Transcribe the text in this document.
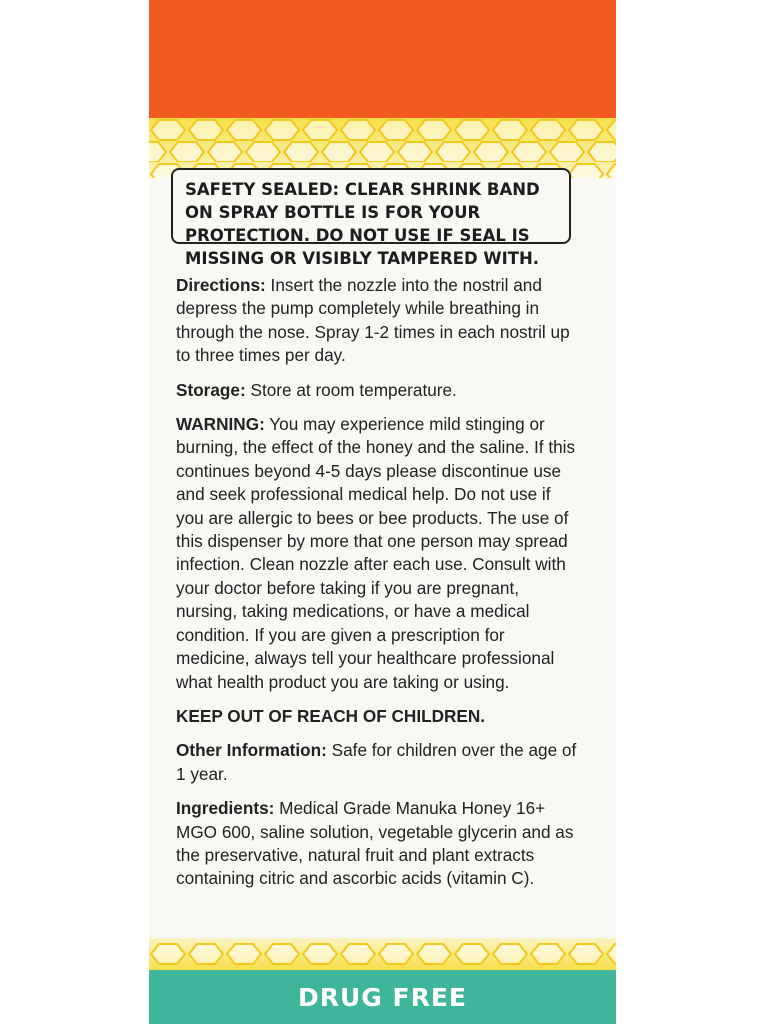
SAFETY SEALED: CLEAR SHRINK BAND ON SPRAY BOTTLE IS FOR YOUR PROTECTION. DO NOT USE IF SEAL IS MISSING OR VISIBLY TAMPERED WITH.

Directions: Insert the nozzle into the nostril and depress the pump completely while breathing in through the nose. Spray 1-2 times in each nostril up to three times per day.

Storage: Store at room temperature.

WARNING: You may experience mild stinging or burning, the effect of the honey and the saline. If this continues beyond 4-5 days please discontinue use and seek professional medical help. Do not use if you are allergic to bees or bee products. The use of this dispenser by more that one person may spread infection. Clean nozzle after each use. Consult with your doctor before taking if you are pregnant, nursing, taking medications, or have a medical condition. If you are given a prescription for medicine, always tell your healthcare professional what health product you are taking or using.

KEEP OUT OF REACH OF CHILDREN.

Other Information: Safe for children over the age of 1 year.

Ingredients: Medical Grade Manuka Honey 16+ MGO 600, saline solution, vegetable glycerin and as the preservative, natural fruit and plant extracts containing citric and ascorbic acids (vitamin C).

DRUG FREE
